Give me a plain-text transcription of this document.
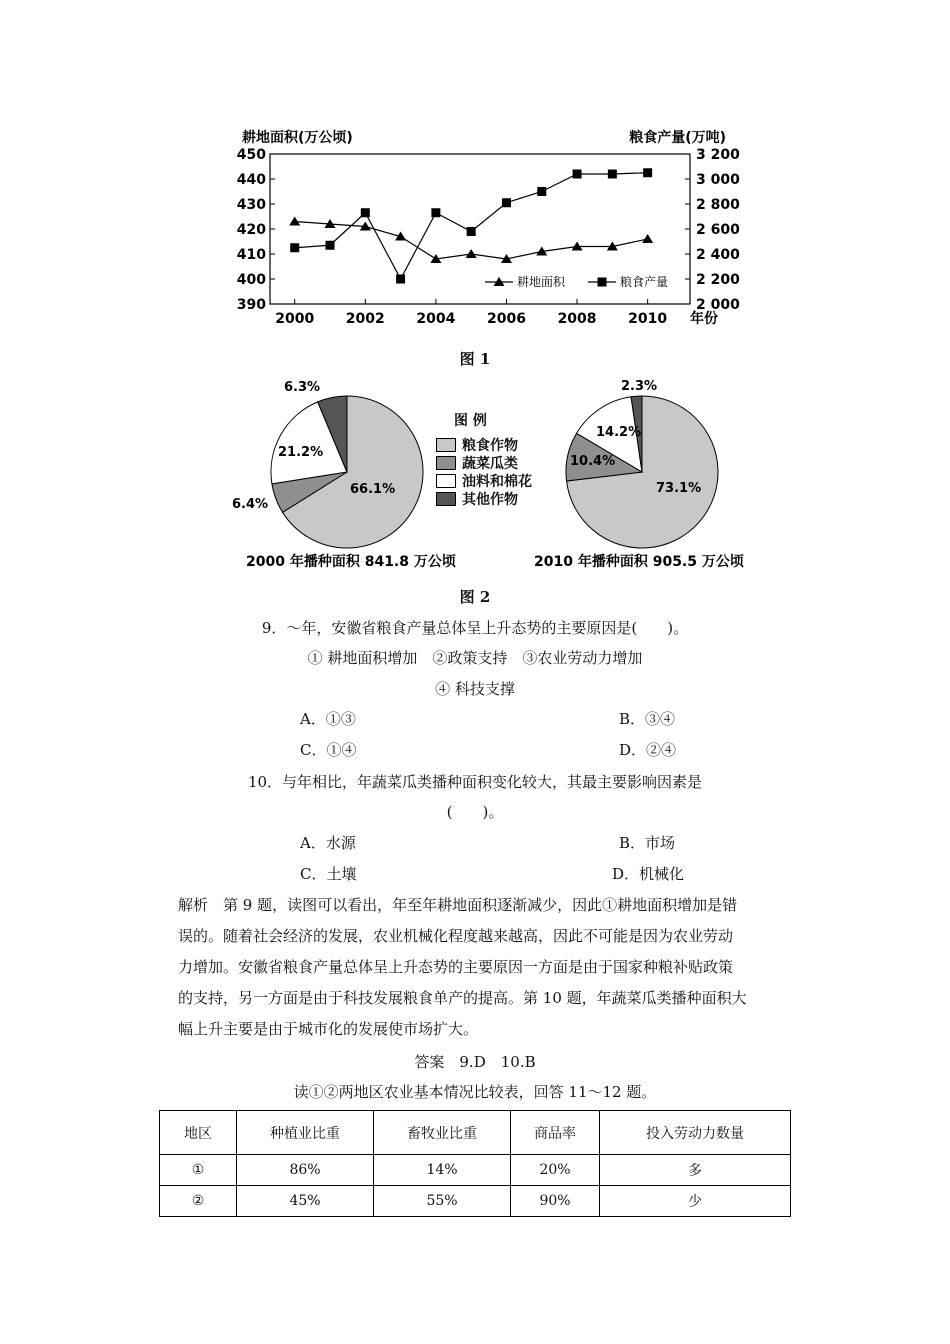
耕地面积(万公顷)	粮食产量(万吨)
450
440
430
420
410
400
390
3 200
3 000
2 800
2 600
2 400
2 200
2 000
2000 2002 2004 2006 2008 2010 年份
耕地面积	粮食产量
图 1
66.1%
6.4%
21.2%
6.3%
2000 年播种面积 841.8 万公顷
图 例
粮食作物
蔬菜瓜类
油料和棉花
其他作物
73.1%
10.4%
14.2%
2.3%
2010 年播种面积 905.5 万公顷
图 2
9．～年，安徽省粮食产量总体呈上升态势的主要原因是(　　)。
① 耕地面积增加　②政策支持　③农业劳动力增加
④ 科技支撑
A．①③	B．③④
C．①④	D．②④
10．与年相比，年蔬菜瓜类播种面积变化较大，其最主要影响因素是
(　　)。
A．水源	B．市场
C．土壤	D．机械化
解析　第 9 题，读图可以看出，年至年耕地面积逐渐减少，因此①耕地面积增加是错
误的。随着社会经济的发展，农业机械化程度越来越高，因此不可能是因为农业劳动
力增加。安徽省粮食产量总体呈上升态势的主要原因一方面是由于国家种粮补贴政策
的支持，另一方面是由于科技发展粮食单产的提高。第 10 题，年蔬菜瓜类播种面积大
幅上升主要是由于城市化的发展使市场扩大。
答案　9.D　10.B
读①②两地区农业基本情况比较表，回答 11～12 题。
地区	种植业比重	畜牧业比重	商品率	投入劳动力数量
①	86%	14%	20%	多
②	45%	55%	90%	少
